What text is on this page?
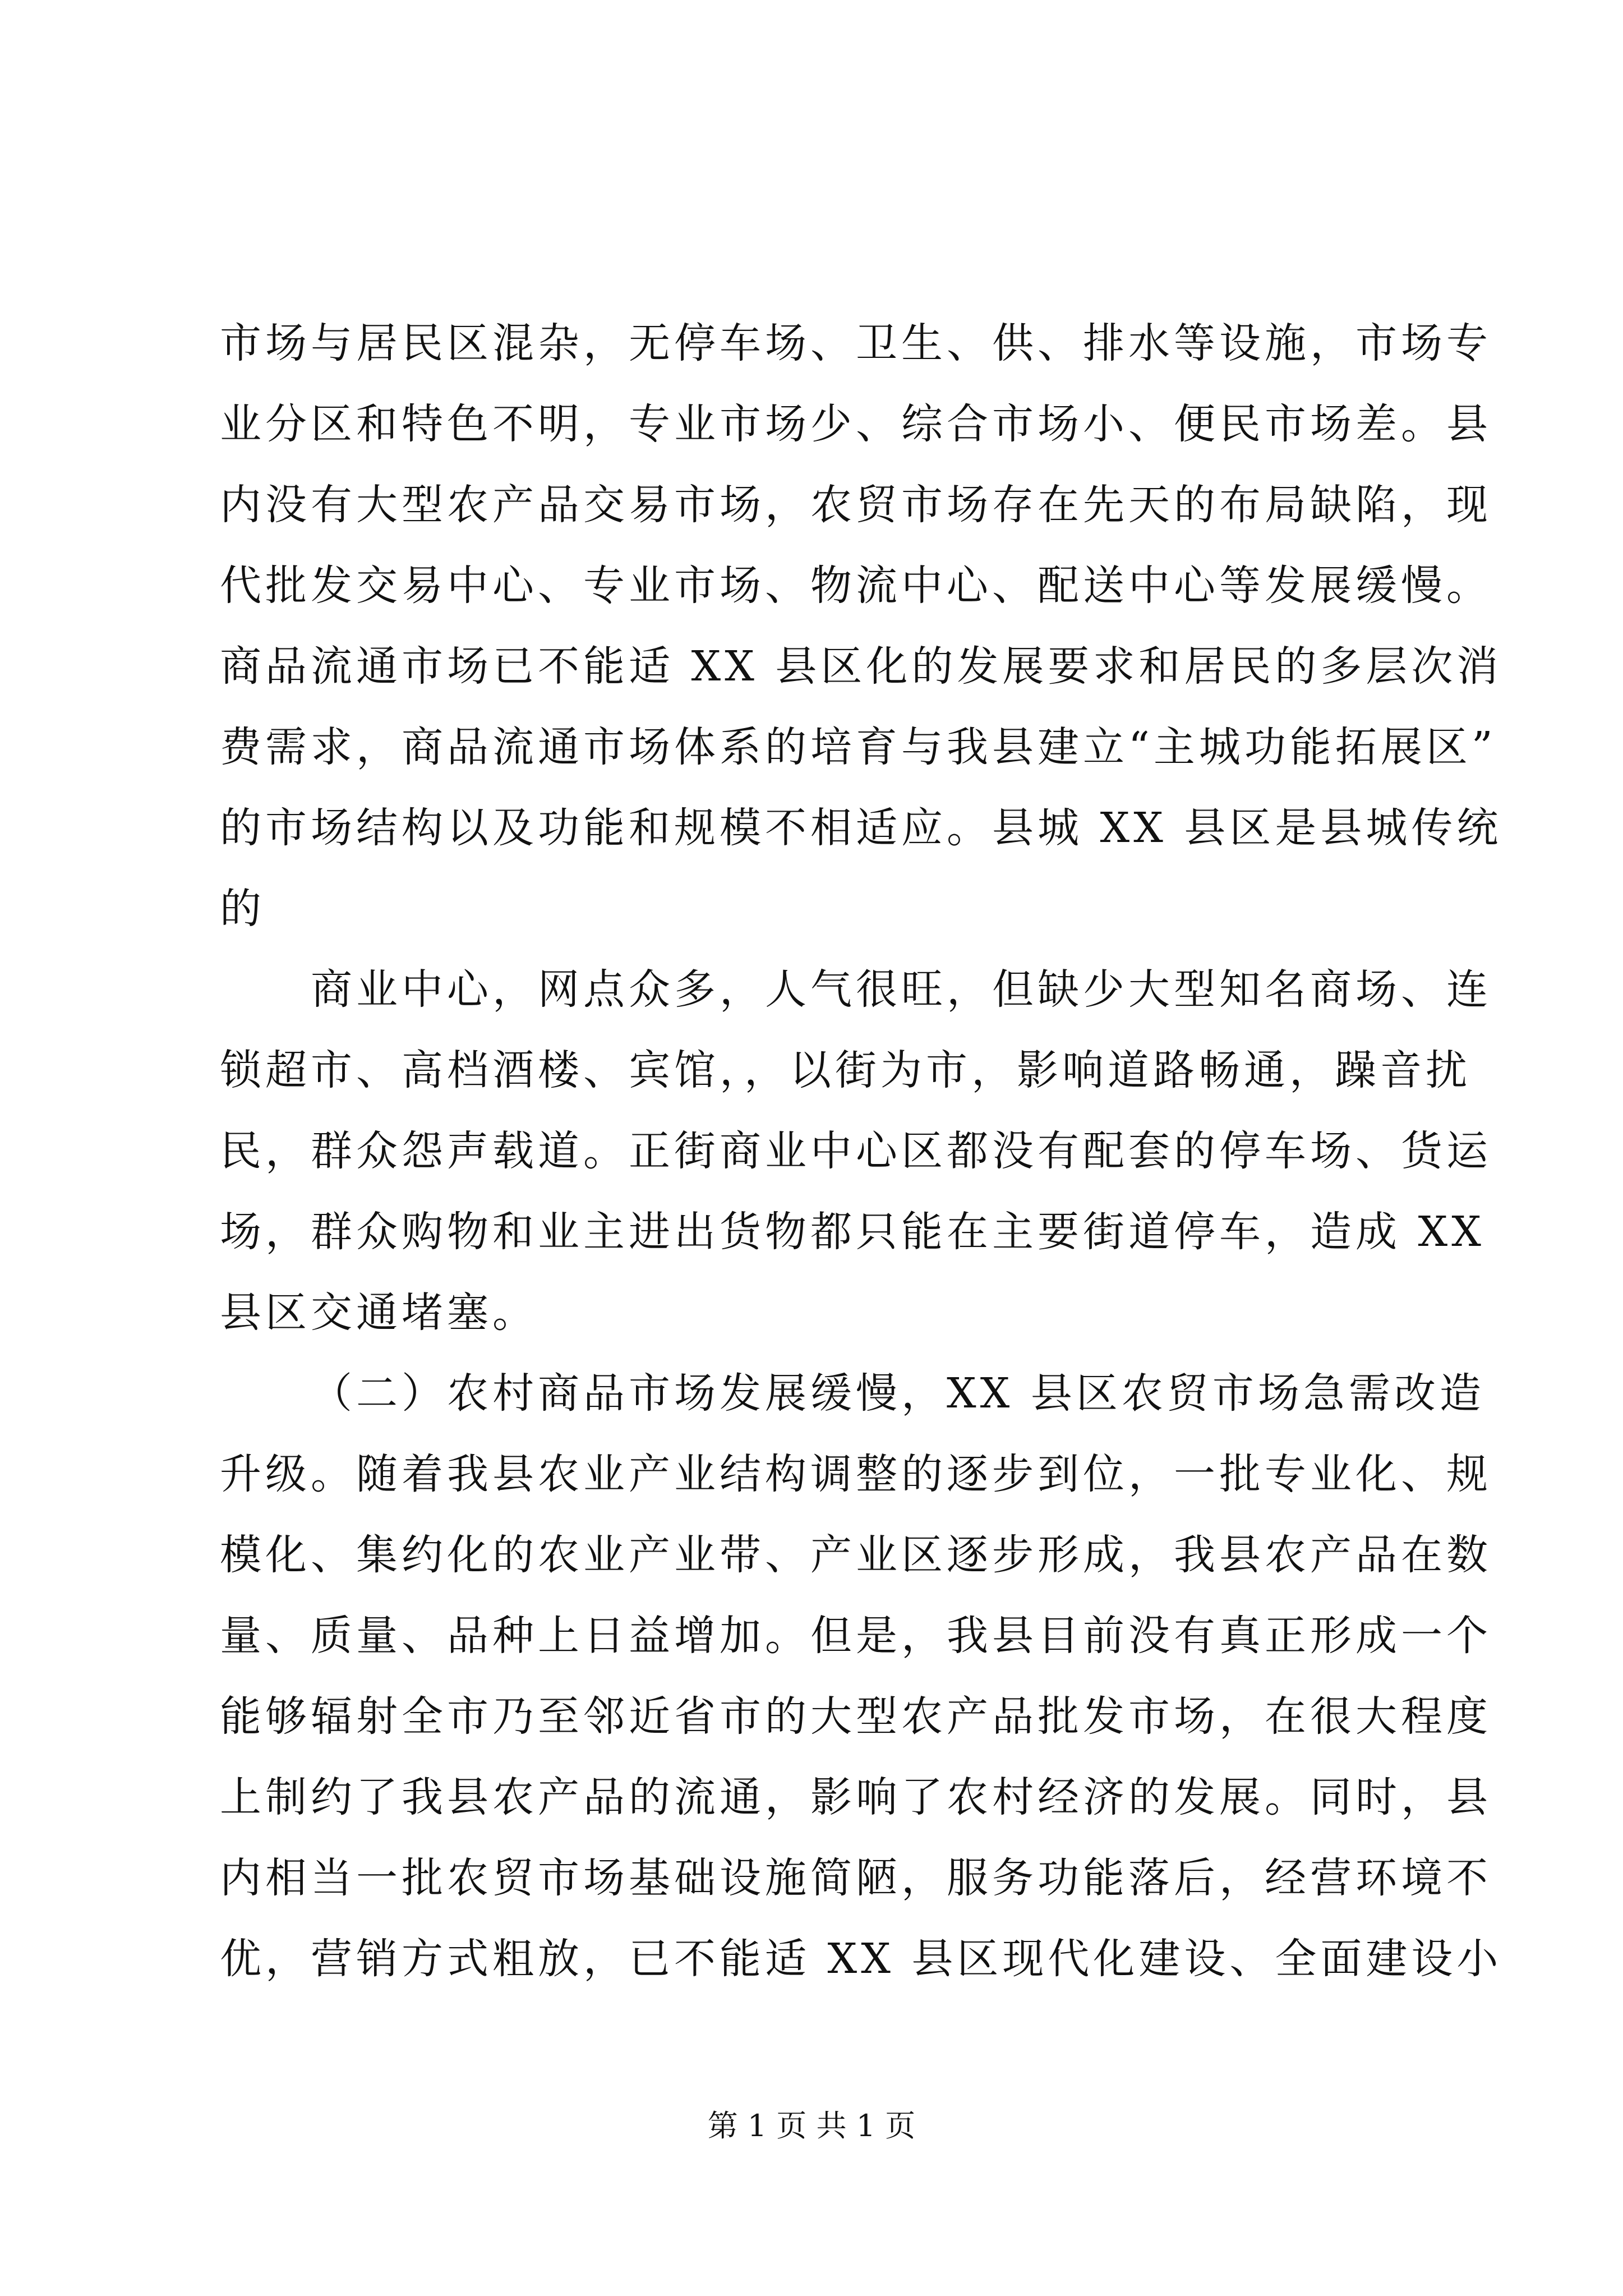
市场与居民区混杂，无停车场、卫生、供、排水等设施，市场专
业分区和特色不明，专业市场少、综合市场小、便民市场差。县
内没有大型农产品交易市场，农贸市场存在先天的布局缺陷，现
代批发交易中心、专业市场、物流中心、配送中心等发展缓慢。
商品流通市场已不能适 XX 县区化的发展要求和居民的多层次消
费需求，商品流通市场体系的培育与我县建立“主城功能拓展区”
的市场结构以及功能和规模不相适应。县城 XX 县区是县城传统
的
商业中心，网点众多，人气很旺，但缺少大型知名商场、连
锁超市、高档酒楼、宾馆，，以街为市，影响道路畅通，躁音扰
民，群众怨声载道。正街商业中心区都没有配套的停车场、货运
场，群众购物和业主进出货物都只能在主要街道停车，造成 XX
县区交通堵塞。
（二）农村商品市场发展缓慢，XX 县区农贸市场急需改造
升级。随着我县农业产业结构调整的逐步到位，一批专业化、规
模化、集约化的农业产业带、产业区逐步形成，我县农产品在数
量、质量、品种上日益增加。但是，我县目前没有真正形成一个
能够辐射全市乃至邻近省市的大型农产品批发市场，在很大程度
上制约了我县农产品的流通，影响了农村经济的发展。同时，县
内相当一批农贸市场基础设施简陋，服务功能落后，经营环境不
优，营销方式粗放，已不能适 XX 县区现代化建设、全面建设小
第 1 页 共 1 页
